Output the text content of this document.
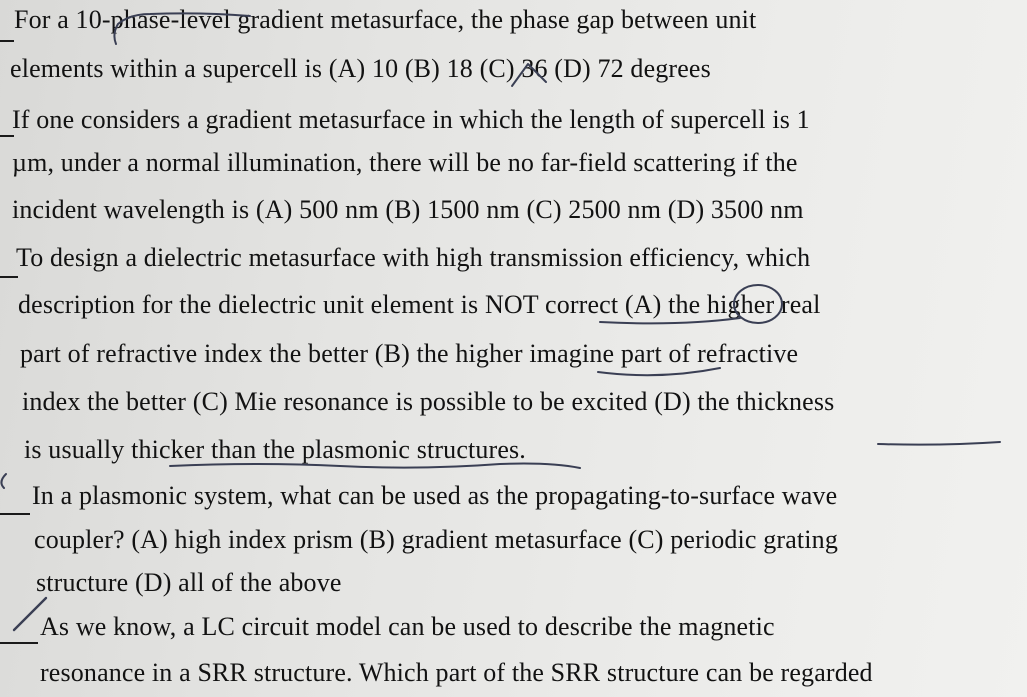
For a 10-phase-level gradient metasurface, the phase gap between unit
elements within a supercell is (A) 10 (B) 18 (C) 36 (D) 72 degrees
If one considers a gradient metasurface in which the length of supercell is 1
µm, under a normal illumination, there will be no far-field scattering if the
incident wavelength is (A) 500 nm (B) 1500 nm (C) 2500 nm (D) 3500 nm
To design a dielectric metasurface with high transmission efficiency, which
description for the dielectric unit element is NOT correct (A) the higher real
part of refractive index the better (B) the higher imagine part of refractive
index the better (C) Mie resonance is possible to be excited (D) the thickness
is usually thicker than the plasmonic structures.
In a plasmonic system, what can be used as the propagating-to-surface wave
coupler? (A) high index prism (B) gradient metasurface (C) periodic grating
structure (D) all of the above
As we know, a LC circuit model can be used to describe the magnetic
resonance in a SRR structure. Which part of the SRR structure can be regarded
